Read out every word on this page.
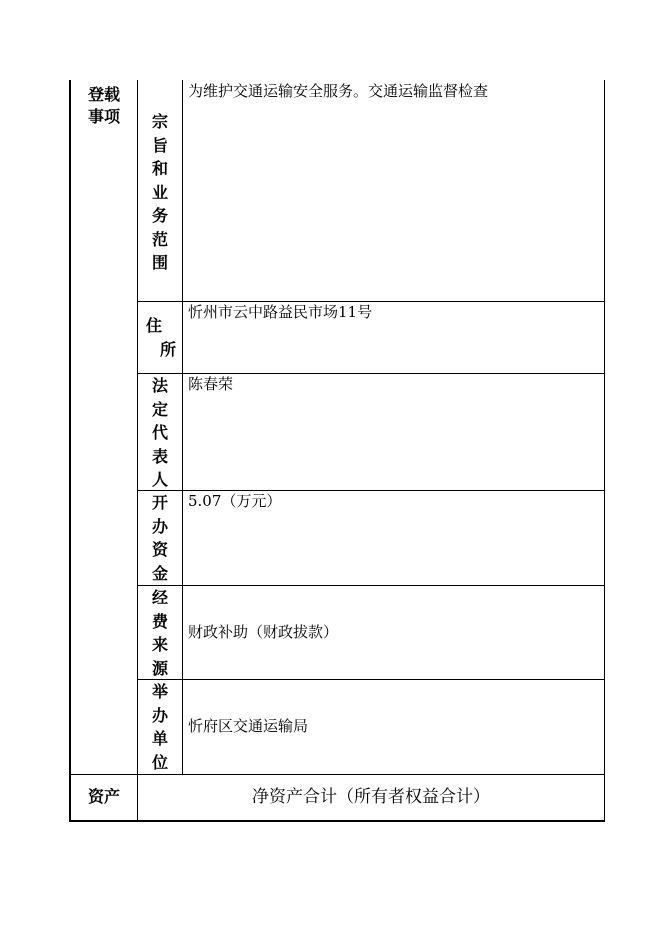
登载
事项
资产
宗
旨
和
业
务
范
围
为维护交通运输安全服务。交通运输监督检查
住
所
忻州市云中路益民市场11号
法
定
代
表
人
陈春荣
开
办
资
金
5.07（万元）
经
费
来
源
财政补助（财政拔款）
举
办
单
位
忻府区交通运输局
净资产合计（所有者权益合计）
